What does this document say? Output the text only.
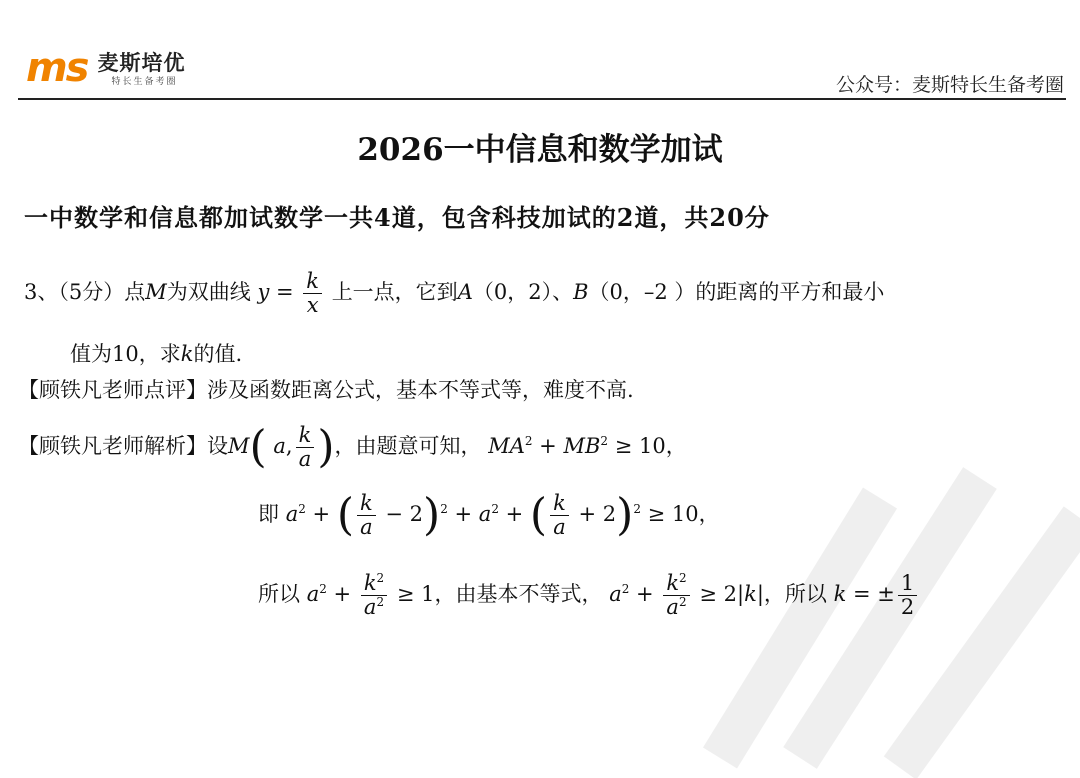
ms 麦斯培优
特长生备考圈	公众号：麦斯特长生备考圈
2026一中信息和数学加试
一中数学和信息都加试数学一共4道，包含科技加试的2道，共20分
3、（5分）点M为双曲线 $y = \frac{k}{x}$ 上一点，它到A（0，2）、B（0，–2 ）的距离的平方和最小
值为10，求k的值.
【顾铁凡老师点评】涉及函数距离公式，基本不等式等，难度不高.
【顾铁凡老师解析】设M( a, $\frac{k}{a}$ )，由题意可知， $MA^2 + MB^2 \ge 10$，
即 $a^2$ + ( $\frac{k}{a} - 2)^2 + a^2$ + ( $\frac{k}{a} + 2)^2 \ge 10$，
所以 $a^2 + \frac{k^2}{a^2} \ge 1$，由基本不等式， $a^2 + \frac{k^2}{a^2} \ge 2|k|$，所以 k = ± $\frac{1}{2}$
